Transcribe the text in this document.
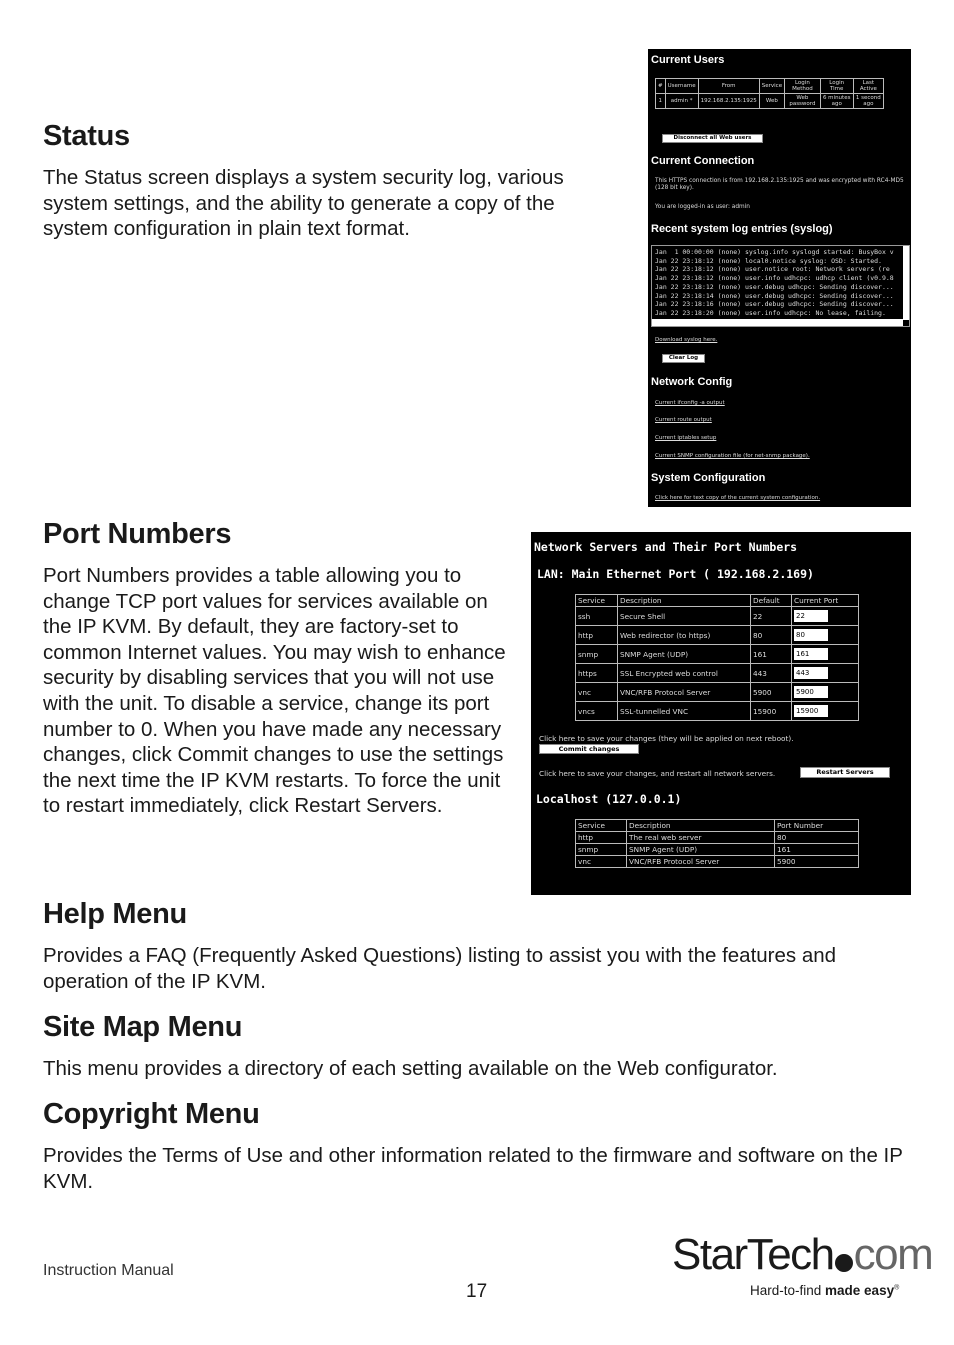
Status
The Status screen displays a system security log, various system settings, and the ability to generate a copy of the system configuration in plain text format.
Current Users
#	Username	From	Service	Login Method	Login Time	Last Active
1	admin *	192.168.2.135:1925	Web	Web password	6 minutes ago	1 second ago
Disconnect all Web users
Current Connection
This HTTPS connection is from 192.168.2.135:1925 and was encrypted with RC4-MD5 (128 bit key).
You are logged-in as user: admin
Recent system log entries (syslog)
Jan  1 00:00:00 (none) syslog.info syslogd started: BusyBox v
Jan 22 23:18:12 (none) local0.notice syslog: OSD: Started.
Jan 22 23:18:12 (none) user.notice root: Network servers (re
Jan 22 23:18:12 (none) user.info udhcpc: udhcp client (v0.9.8
Jan 22 23:18:12 (none) user.debug udhcpc: Sending discover...
Jan 22 23:18:14 (none) user.debug udhcpc: Sending discover...
Jan 22 23:18:16 (none) user.debug udhcpc: Sending discover...
Jan 22 23:18:20 (none) user.info udhcpc: No lease, failing.
Download syslog here.
Clear Log
Network Config
Current ifconfig -a output
Current route output
Current iptables setup
Current SNMP configuration file (for net-snmp package).
System Configuration
Click here for text copy of the current system configuration.
Port Numbers
Port Numbers provides a table allowing you to change TCP port values for services available on the IP KVM. By default, they are factory-set to common Internet values. You may wish to enhance security by disabling services that you will not use with the unit. To disable a service, change its port number to 0. When you have made any necessary changes, click Commit changes to use the settings the next time the IP KVM restarts. To force the unit to restart immediately, click Restart Servers.
Network Servers and Their Port Numbers
LAN: Main Ethernet Port ( 192.168.2.169)
Service	Description	Default	Current Port
ssh	Secure Shell	22	22
http	Web redirector (to https)	80	80
snmp	SNMP Agent (UDP)	161	161
https	SSL Encrypted web control	443	443
vnc	VNC/RFB Protocol Server	5900	5900
vncs	SSL-tunnelled VNC	15900	15900
Click here to save your changes (they will be applied on next reboot).
Commit changes
Click here to save your changes, and restart all network servers.	Restart Servers
Localhost (127.0.0.1)
Service	Description	Port Number
http	The real web server	80
snmp	SNMP Agent (UDP)	161
vnc	VNC/RFB Protocol Server	5900
Help Menu
Provides a FAQ (Frequently Asked Questions) listing to assist you with the features and operation of the IP KVM.
Site Map Menu
This menu provides a directory of each setting available on the Web configurator.
Copyright Menu
Provides the Terms of Use and other information related to the firmware and software on the IP KVM.
Instruction Manual
17
StarTech com
Hard-to-find made easy®
